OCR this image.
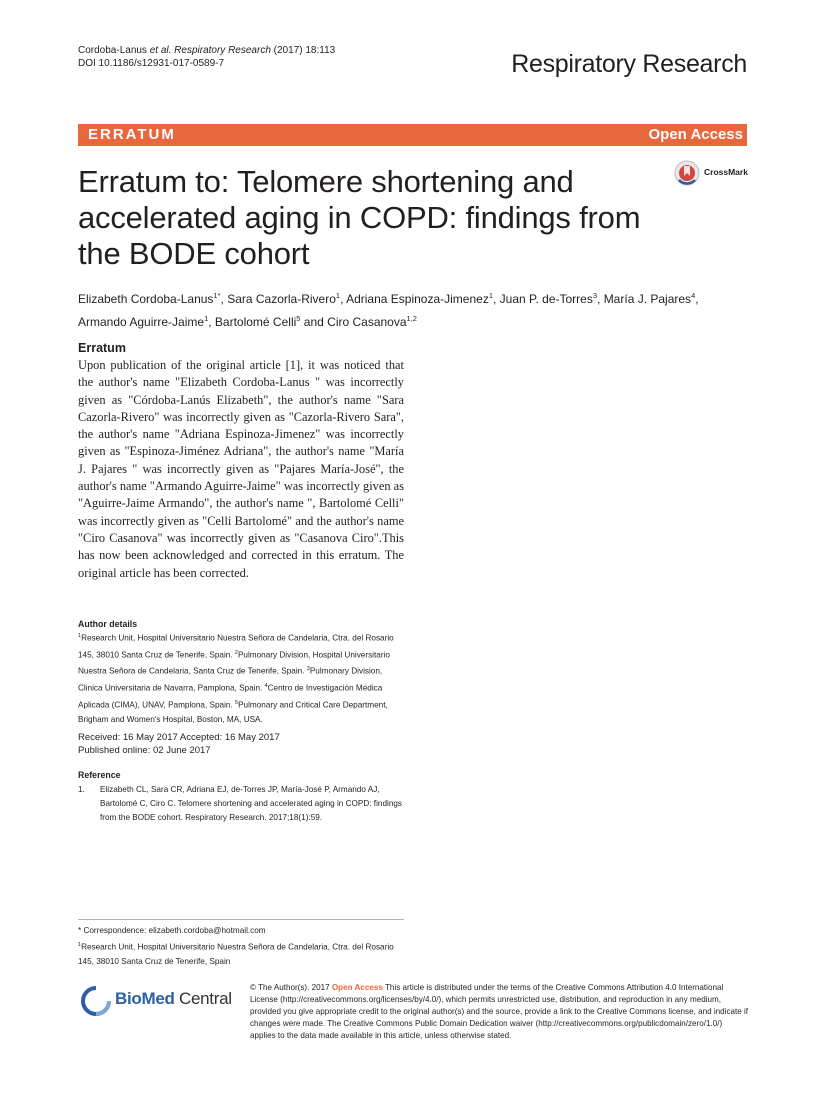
Cordoba-Lanus et al. Respiratory Research (2017) 18:113
DOI 10.1186/s12931-017-0589-7	Respiratory Research
ERRATUM	Open Access
Erratum to: Telomere shortening and accelerated aging in COPD: findings from the BODE cohort
CrossMark
Elizabeth Cordoba-Lanus$^{1*}$, Sara Cazorla-Rivero$^1$, Adriana Espinoza-Jimenez$^1$, Juan P. de-Torres$^3$, María J. Pajares$^4$,
Armando Aguirre-Jaime$^1$, Bartolomé Celli$^5$ and Ciro Casanova$^{1,2}$
Erratum
Upon publication of the original article [1], it was noticed that the author's name "Elizabeth Cordoba-Lanus " was incorrectly given as "Córdoba-Lanús Elizabeth", the author's name "Sara Cazorla-Rivero" was incorrectly given as "Cazorla-Rivero Sara", the author's name "Adriana Espinoza-Jimenez" was incorrectly given as "Espinoza-Jiménez Adriana", the author's name "María J. Pajares " was incorrectly given as "Pajares María-José", the author's name "Armando Aguirre-Jaime" was incorrectly given as "Aguirre-Jaime Armando", the author's name ", Bartolomé Celli" was incorrectly given as "Celli Bartolomé" and the author's name "Ciro Casanova" was incorrectly given as "Casanova Ciro".This has now been acknowledged and corrected in this erratum. The original article has been corrected.
Author details
$^1$Research Unit, Hospital Universitario Nuestra Señora de Candelaria, Ctra. del Rosario 145, 38010 Santa Cruz de Tenerife, Spain. $^2$Pulmonary Division, Hospital Universitario Nuestra Señora de Candelaria, Santa Cruz de Tenerife, Spain. $^3$Pulmonary Division, Clinica Universitaria de Navarra, Pamplona, Spain. $^4$Centro de Investigación Médica Aplicada (CIMA), UNAV, Pamplona, Spain. $^5$Pulmonary and Critical Care Department, Brigham and Women's Hospital, Boston, MA, USA.
Received: 16 May 2017 Accepted: 16 May 2017
Published online: 02 June 2017
Reference
1. Elizabeth CL, Sara CR, Adriana EJ, de-Torres JP, María-José P, Armando AJ, Bartolomé C, Ciro C. Telomere shortening and accelerated aging in COPD: findings from the BODE cohort. Respiratory Research. 2017;18(1):59.
* Correspondence: elizabeth.cordoba@hotmail.com
$^1$Research Unit, Hospital Universitario Nuestra Señora de Candelaria, Ctra. del Rosario 145, 38010 Santa Cruz de Tenerife, Spain
BioMed Central
© The Author(s). 2017 Open Access This article is distributed under the terms of the Creative Commons Attribution 4.0 International License (http://creativecommons.org/licenses/by/4.0/), which permits unrestricted use, distribution, and reproduction in any medium, provided you give appropriate credit to the original author(s) and the source, provide a link to the Creative Commons license, and indicate if changes were made. The Creative Commons Public Domain Dedication waiver (http://creativecommons.org/publicdomain/zero/1.0/) applies to the data made available in this article, unless otherwise stated.
